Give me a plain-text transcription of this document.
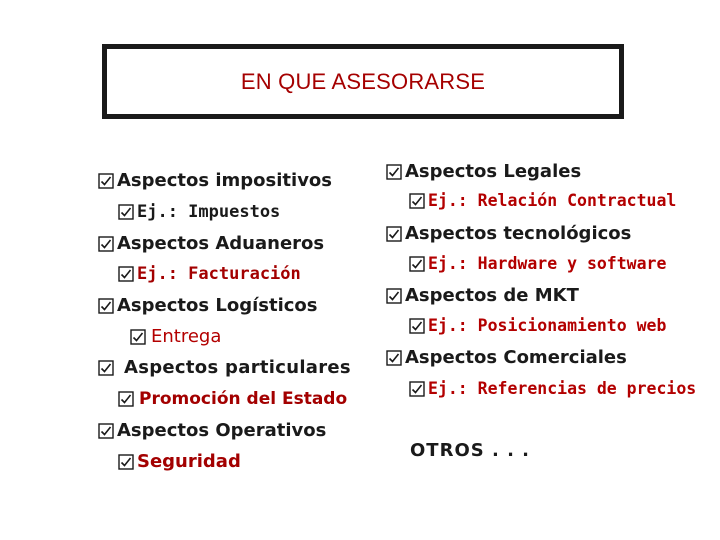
EN QUE ASESORARSE
Aspectos impositivos
Ej.: Impuestos
Aspectos Aduaneros
Ej.: Facturación
Aspectos Logísticos
Entrega
Aspectos particulares
Promoción del Estado
Aspectos Operativos
Seguridad
Aspectos Legales
Ej.: Relación Contractual
Aspectos tecnológicos
Ej.: Hardware y software
Aspectos de MKT
Ej.: Posicionamiento web
Aspectos Comerciales
Ej.: Referencias de precios
OTROS . . .
